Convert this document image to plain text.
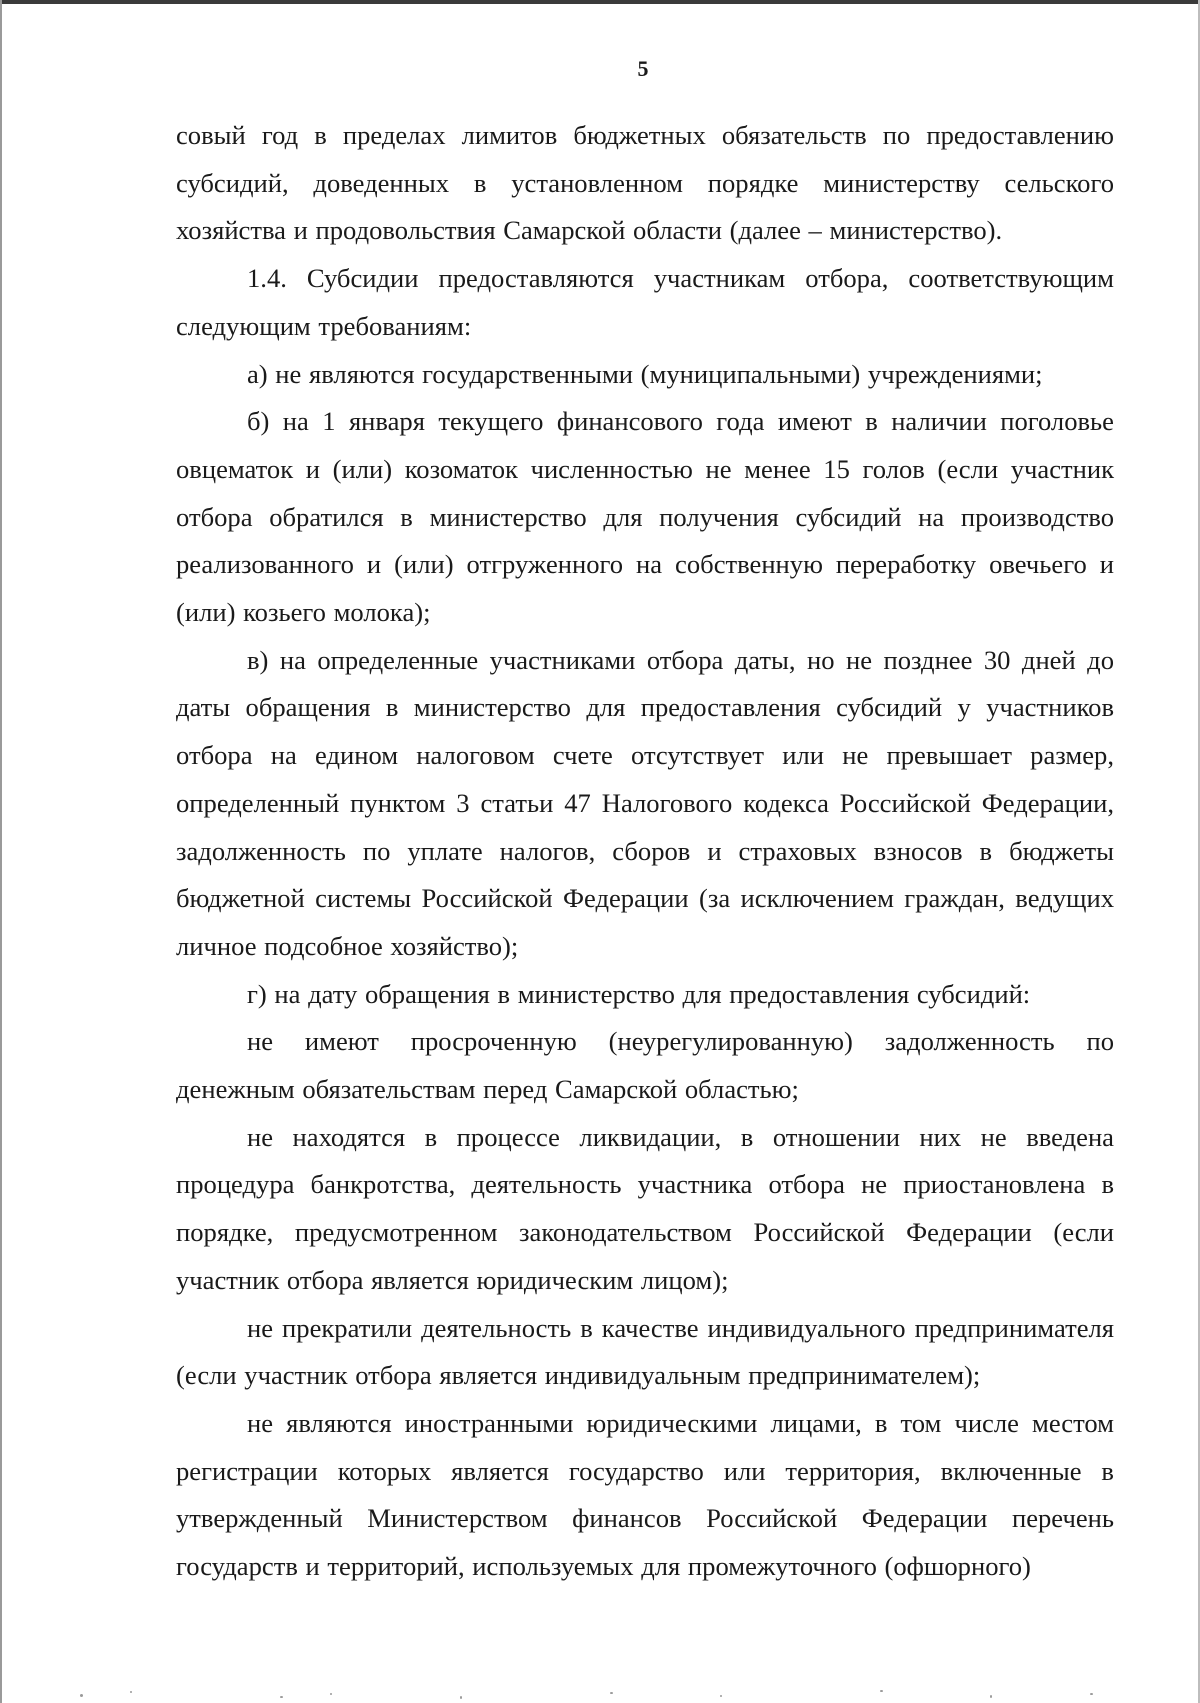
5

совый год в пределах лимитов бюджетных обязательств по предоставлению субсидий, доведенных в установленном порядке министерству сельского хозяйства и продовольствия Самарской области (далее – министерство).

1.4. Субсидии предоставляются участникам отбора, соответствующим следующим требованиям:

а) не являются государственными (муниципальными) учреждениями;

б) на 1 января текущего финансового года имеют в наличии поголовье овцематок и (или) козоматок численностью не менее 15 голов (если участник отбора обратился в министерство для получения субсидий на производство реализованного и (или) отгруженного на собственную переработку овечьего и (или) козьего молока);

в) на определенные участниками отбора даты, но не позднее 30 дней до даты обращения в министерство для предоставления субсидий у участников отбора на едином налоговом счете отсутствует или не превышает размер, определенный пунктом 3 статьи 47 Налогового кодекса Российской Федерации, задолженность по уплате налогов, сборов и страховых взносов в бюджеты бюджетной системы Российской Федерации (за исключением граждан, ведущих личное подсобное хозяйство);

г) на дату обращения в министерство для предоставления субсидий:

не имеют просроченную (неурегулированную) задолженность по денежным обязательствам перед Самарской областью;

не находятся в процессе ликвидации, в отношении них не введена процедура банкротства, деятельность участника отбора не приостановлена в порядке, предусмотренном законодательством Российской Федерации (если участник отбора является юридическим лицом);

не прекратили деятельность в качестве индивидуального предпринимателя (если участник отбора является индивидуальным предпринимателем);

не являются иностранными юридическими лицами, в том числе местом регистрации которых является государство или территория, включенные в утвержденный Министерством финансов Российской Федерации перечень государств и территорий, используемых для промежуточного (офшорного)
